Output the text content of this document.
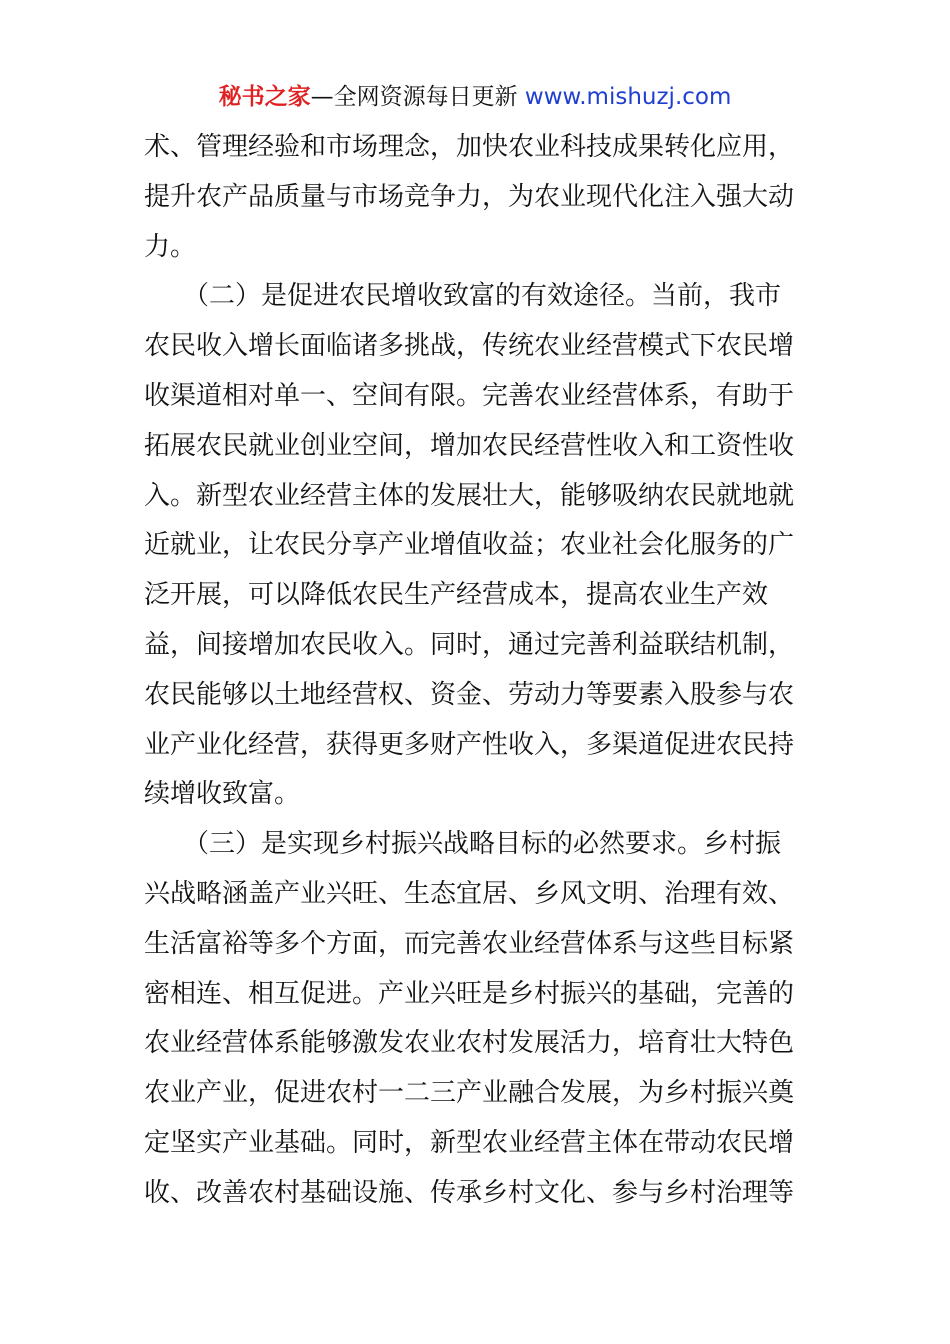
秘书之家—全网资源每日更新 www.mishuzj.com
术、管理经验和市场理念，加快农业科技成果转化应用，
提升农产品质量与市场竞争力，为农业现代化注入强大动
力。
　　（二）是促进农民增收致富的有效途径。当前，我市
农民收入增长面临诸多挑战，传统农业经营模式下农民增
收渠道相对单一、空间有限。完善农业经营体系，有助于
拓展农民就业创业空间，增加农民经营性收入和工资性收
入。新型农业经营主体的发展壮大，能够吸纳农民就地就
近就业，让农民分享产业增值收益；农业社会化服务的广
泛开展，可以降低农民生产经营成本，提高农业生产效
益，间接增加农民收入。同时，通过完善利益联结机制，
农民能够以土地经营权、资金、劳动力等要素入股参与农
业产业化经营，获得更多财产性收入，多渠道促进农民持
续增收致富。
　　（三）是实现乡村振兴战略目标的必然要求。乡村振
兴战略涵盖产业兴旺、生态宜居、乡风文明、治理有效、
生活富裕等多个方面，而完善农业经营体系与这些目标紧
密相连、相互促进。产业兴旺是乡村振兴的基础，完善的
农业经营体系能够激发农业农村发展活力，培育壮大特色
农业产业，促进农村一二三产业融合发展，为乡村振兴奠
定坚实产业基础。同时，新型农业经营主体在带动农民增
收、改善农村基础设施、传承乡村文化、参与乡村治理等
